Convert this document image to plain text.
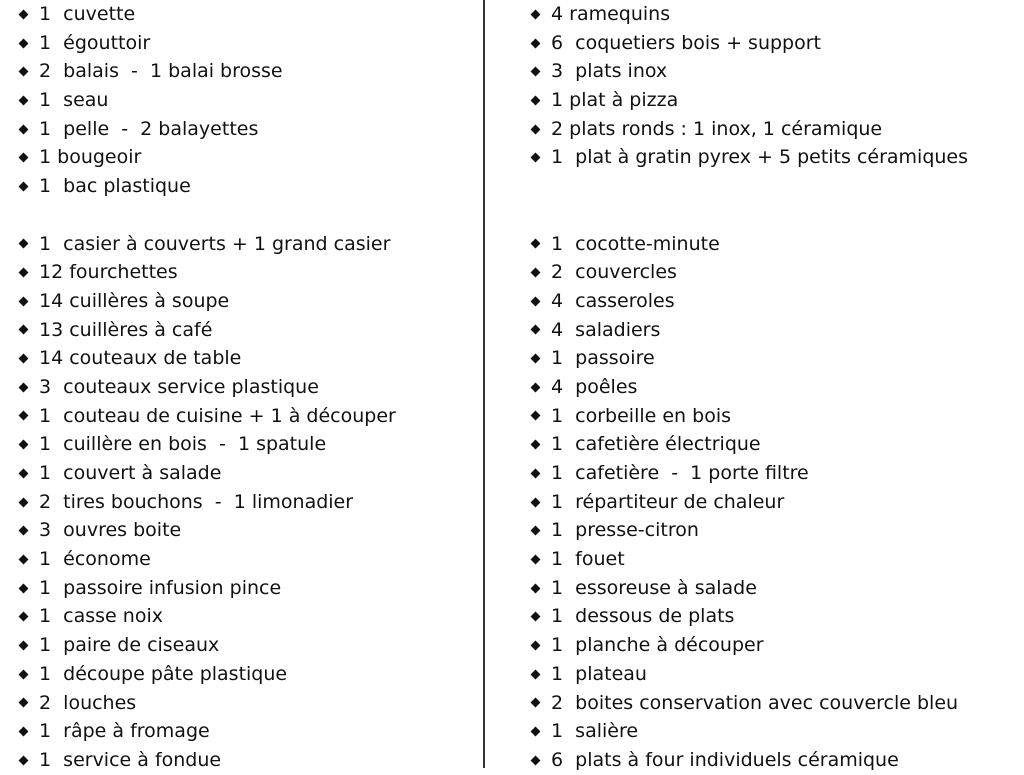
1  cuvette
1  égouttoir
2  balais  -  1 balai brosse
1  seau
1  pelle  -  2 balayettes
1 bougeoir
1  bac plastique
1  casier à couverts + 1 grand casier
12 fourchettes
14 cuillères à soupe
13 cuillères à café
14 couteaux de table
3  couteaux service plastique
1  couteau de cuisine + 1 à découper
1  cuillère en bois  -  1 spatule
1  couvert à salade
2  tires bouchons  -  1 limonadier
3  ouvres boite
1  économe
1  passoire infusion pince
1  casse noix
1  paire de ciseaux
1  découpe pâte plastique
2  louches
1  râpe à fromage
1  service à fondue
4 ramequins
6  coquetiers bois + support
3  plats inox
1 plat à pizza
2 plats ronds : 1 inox, 1 céramique
1  plat à gratin pyrex + 5 petits céramiques
1  cocotte-minute
2  couvercles
4  casseroles
4  saladiers
1  passoire
4  poêles
1  corbeille en bois
1  cafetière électrique
1  cafetière  -  1 porte filtre
1  répartiteur de chaleur
1  presse-citron
1  fouet
1  essoreuse à salade
1  dessous de plats
1  planche à découper
1  plateau
2  boites conservation avec couvercle bleu
1  salière
6  plats à four individuels céramique
